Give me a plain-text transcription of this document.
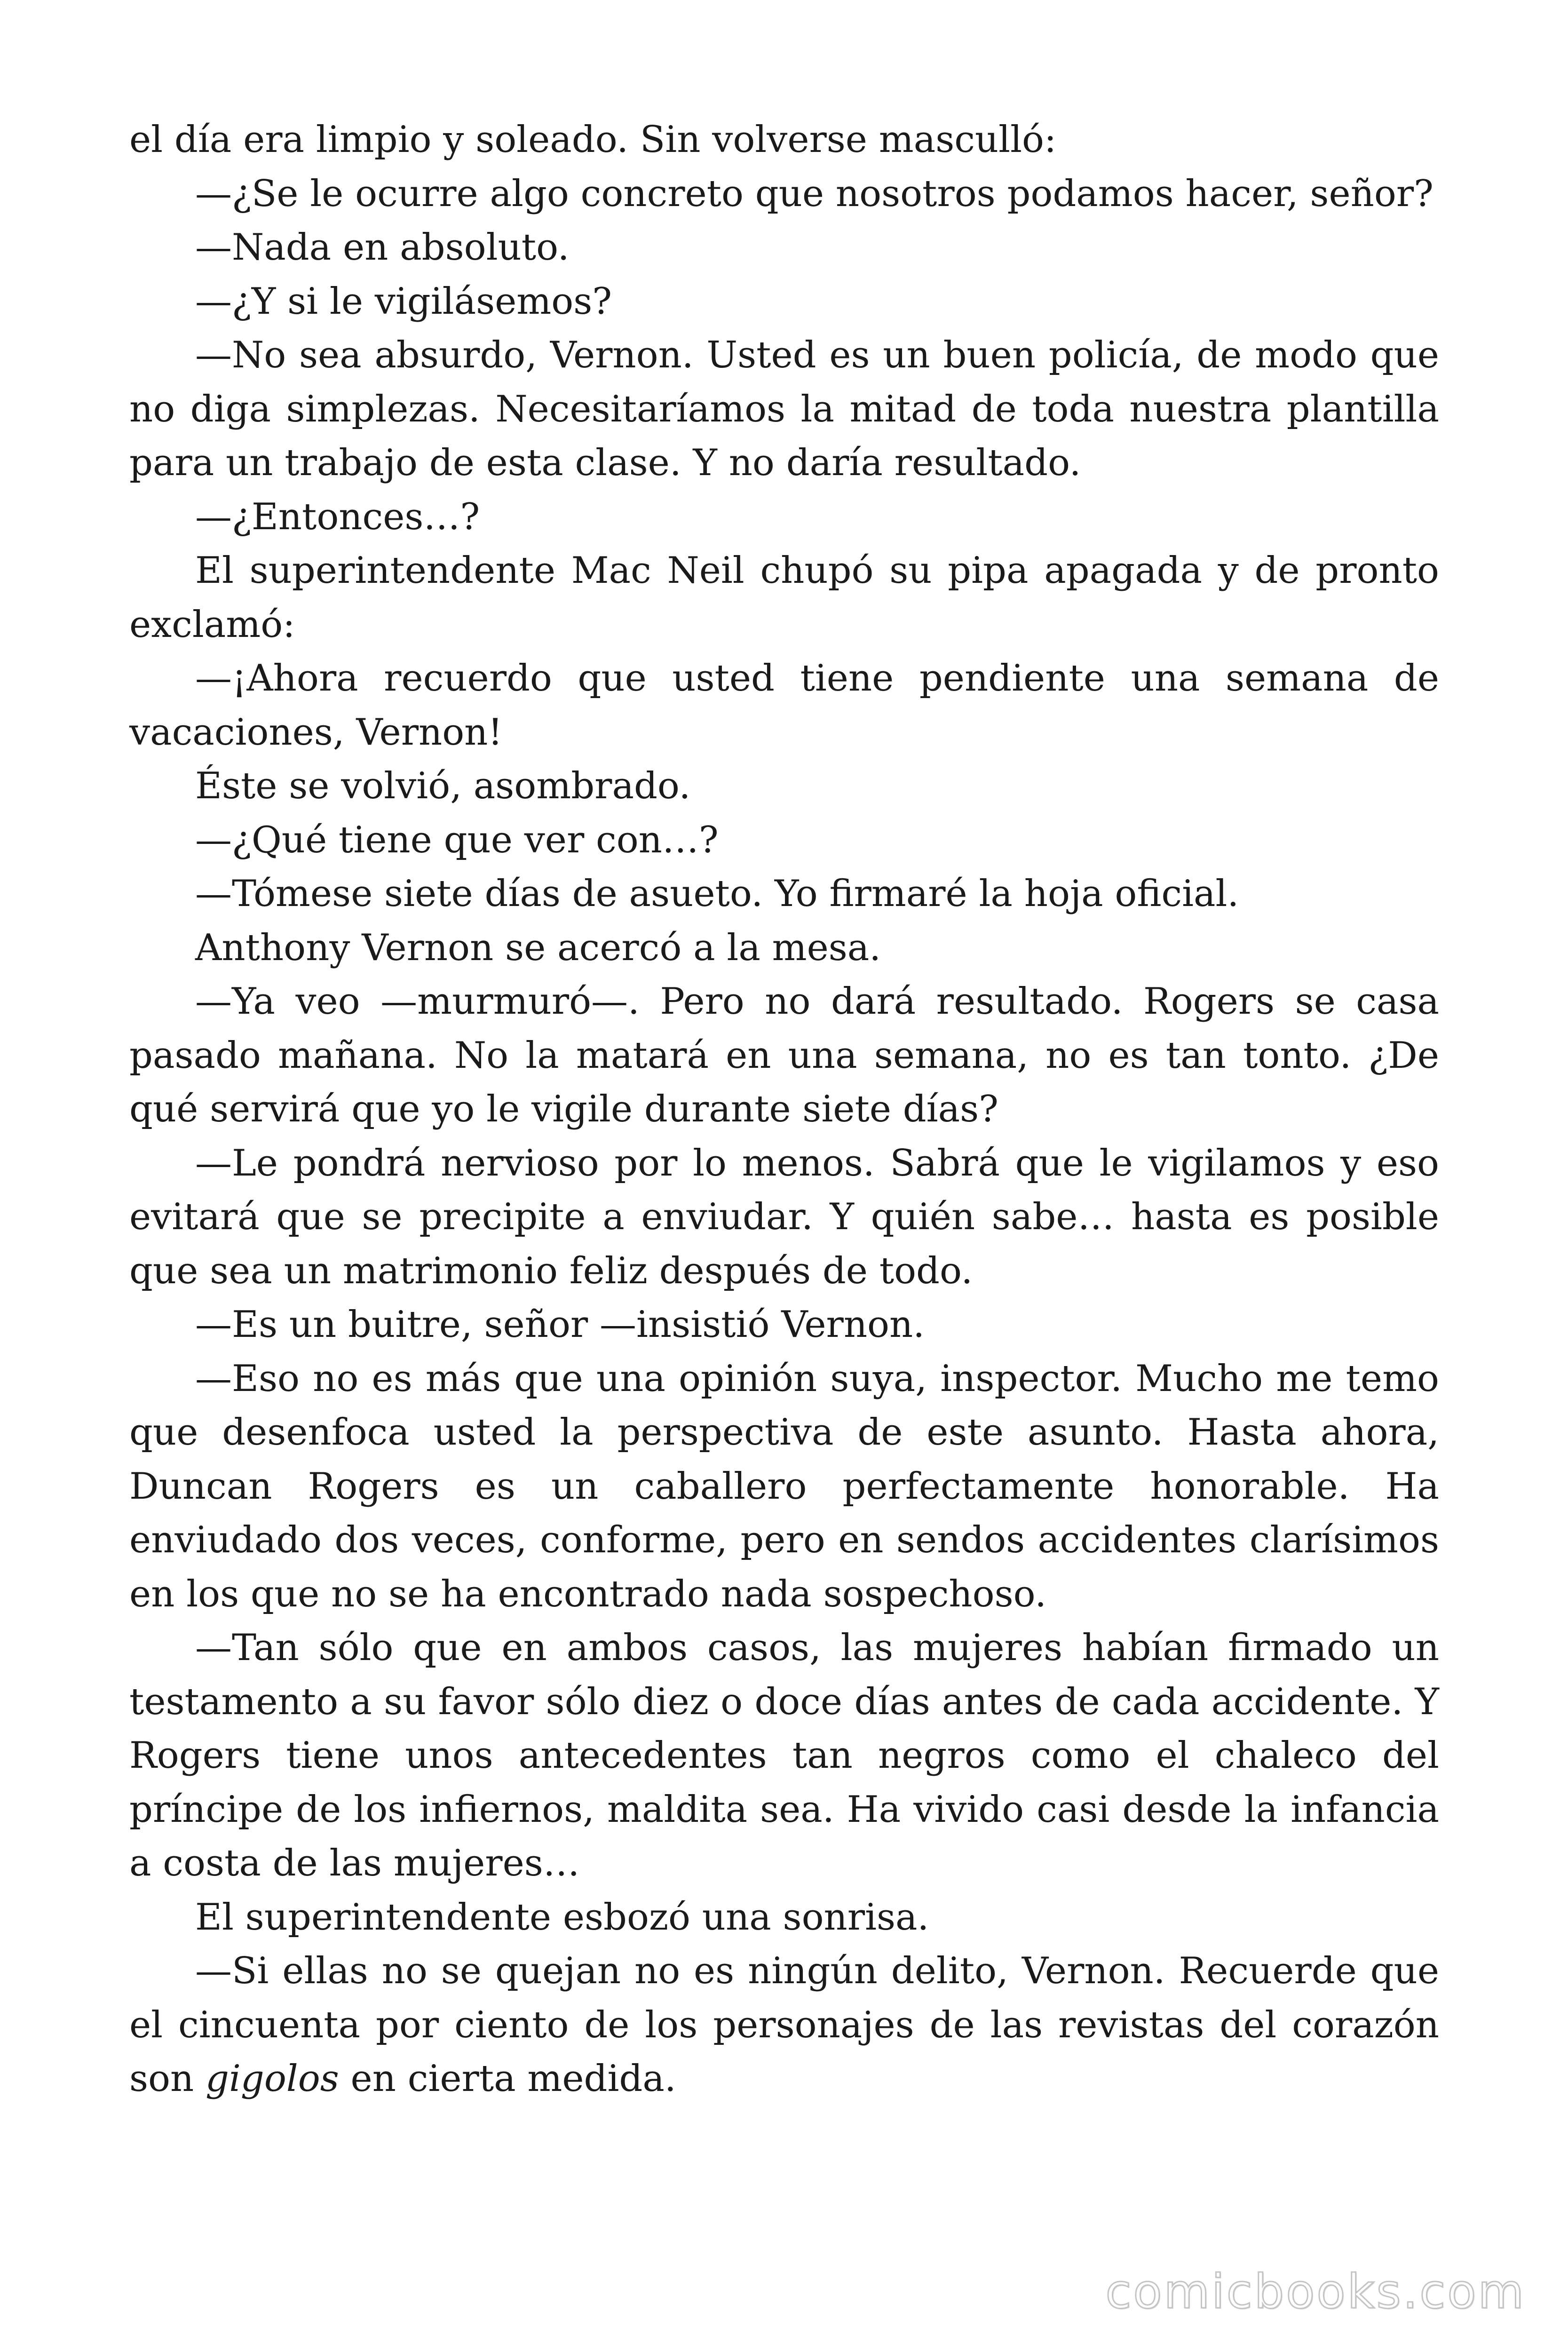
el día era limpio y soleado. Sin volverse masculló:

—¿Se le ocurre algo concreto que nosotros podamos hacer, señor?

—Nada en absoluto.

—¿Y si le vigilásemos?

—No sea absurdo, Vernon. Usted es un buen policía, de modo que no diga simplezas. Necesitaríamos la mitad de toda nuestra plantilla para un trabajo de esta clase. Y no daría resultado.

—¿Entonces…?

El superintendente Mac Neil chupó su pipa apagada y de pronto exclamó:

—¡Ahora recuerdo que usted tiene pendiente una semana de vacaciones, Vernon!

Éste se volvió, asombrado.

—¿Qué tiene que ver con…?

—Tómese siete días de asueto. Yo firmaré la hoja oficial.

Anthony Vernon se acercó a la mesa.

—Ya veo —murmuró—. Pero no dará resultado. Rogers se casa pasado mañana. No la matará en una semana, no es tan tonto. ¿De qué servirá que yo le vigile durante siete días?

—Le pondrá nervioso por lo menos. Sabrá que le vigilamos y eso evitará que se precipite a enviudar. Y quién sabe… hasta es posible que sea un matrimonio feliz después de todo.

—Es un buitre, señor —insistió Vernon.

—Eso no es más que una opinión suya, inspector. Mucho me temo que desenfoca usted la perspectiva de este asunto. Hasta ahora, Duncan Rogers es un caballero perfectamente honorable. Ha enviudado dos veces, conforme, pero en sendos accidentes clarísimos en los que no se ha encontrado nada sospechoso.

—Tan sólo que en ambos casos, las mujeres habían firmado un testamento a su favor sólo diez o doce días antes de cada accidente. Y Rogers tiene unos antecedentes tan negros como el chaleco del príncipe de los infiernos, maldita sea. Ha vivido casi desde la infancia a costa de las mujeres…

El superintendente esbozó una sonrisa.

—Si ellas no se quejan no es ningún delito, Vernon. Recuerde que el cincuenta por ciento de los personajes de las revistas del corazón son gigolos en cierta medida.

comicbooks.com
